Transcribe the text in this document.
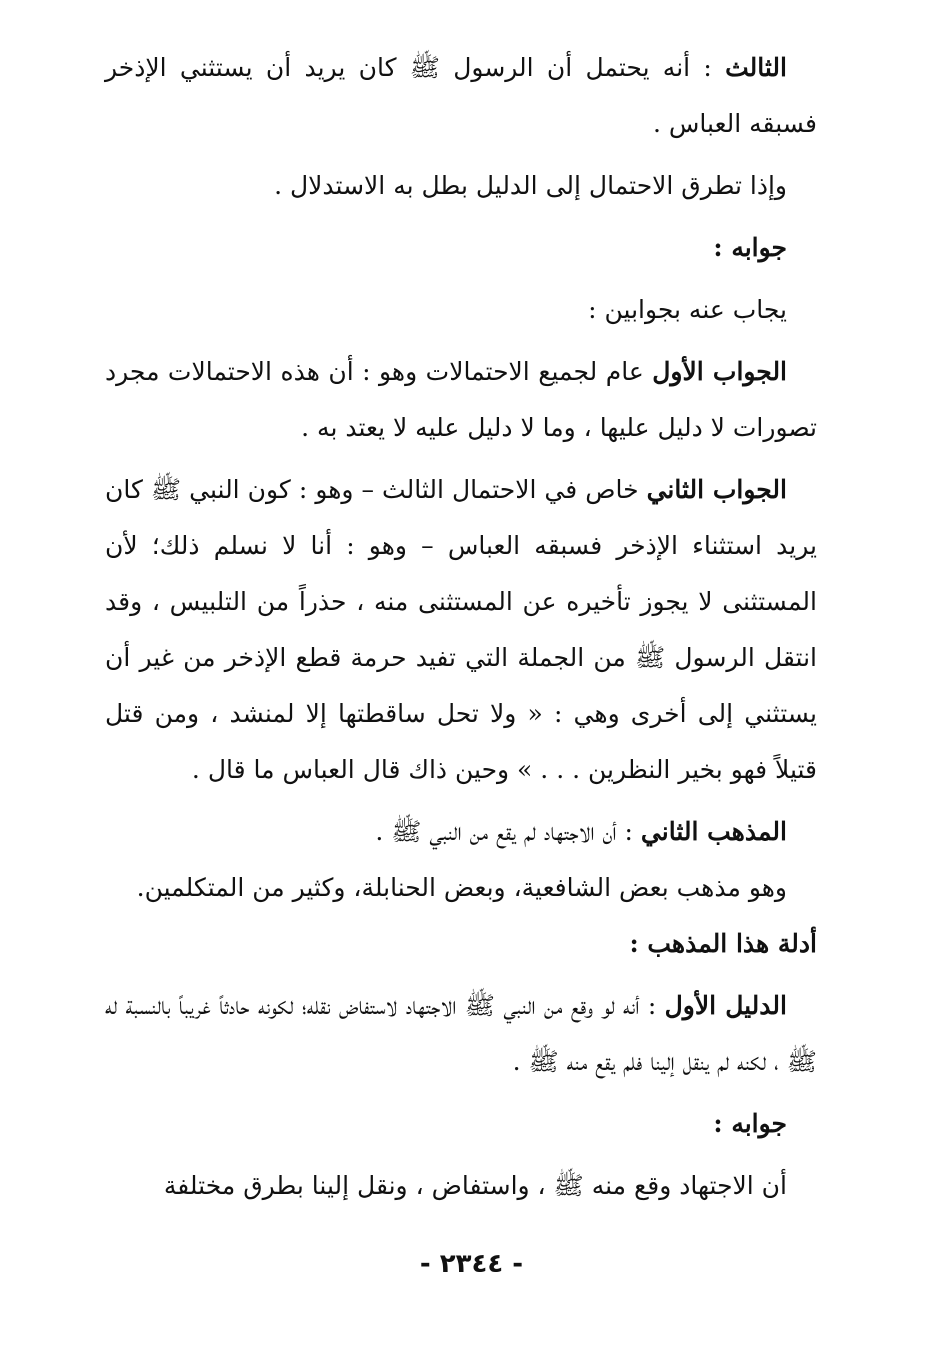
الثالث : أنه يحتمل أن الرسول ﷺ كان يريد أن يستثني الإذخر فسبقه العباس .

وإذا تطرق الاحتمال إلى الدليل بطل به الاستدلال .

جوابه :

يجاب عنه بجوابين :

الجواب الأول عام لجميع الاحتمالات وهو : أن هذه الاحتمالات مجرد تصورات لا دليل عليها ، وما لا دليل عليه لا يعتد به .

الجواب الثاني خاص في الاحتمال الثالث – وهو : كون النبي ﷺ كان يريد استثناء الإذخر فسبقه العباس – وهو : أنا لا نسلم ذلك؛ لأن المستثنى لا يجوز تأخيره عن المستثنى منه ، حذراً من التلبيس ، وقد انتقل الرسول ﷺ من الجملة التي تفيد حرمة قطع الإذخر من غير أن يستثني إلى أخرى وهي : « ولا تحل ساقطتها إلا لمنشد ، ومن قتل قتيلاً فهو بخير النظرين . . . » وحين ذاك قال العباس ما قال .

المذهب الثاني : أن الاجتهاد لم يقع من النبي ﷺ .

وهو مذهب بعض الشافعية، وبعض الحنابلة، وكثير من المتكلمين.

أدلة هذا المذهب :

الدليل الأول : أنه لو وقع من النبي ﷺ الاجتهاد لاستفاض نقله؛ لكونه حادثاً غريباً بالنسبة له ﷺ ، لكنه لم ينقل إلينا فلم يقع منه ﷺ .

جوابه :

أن الاجتهاد وقع منه ﷺ ، واستفاض ، ونقل إلينا بطرق مختلفة

- ٢٣٤٤ -
